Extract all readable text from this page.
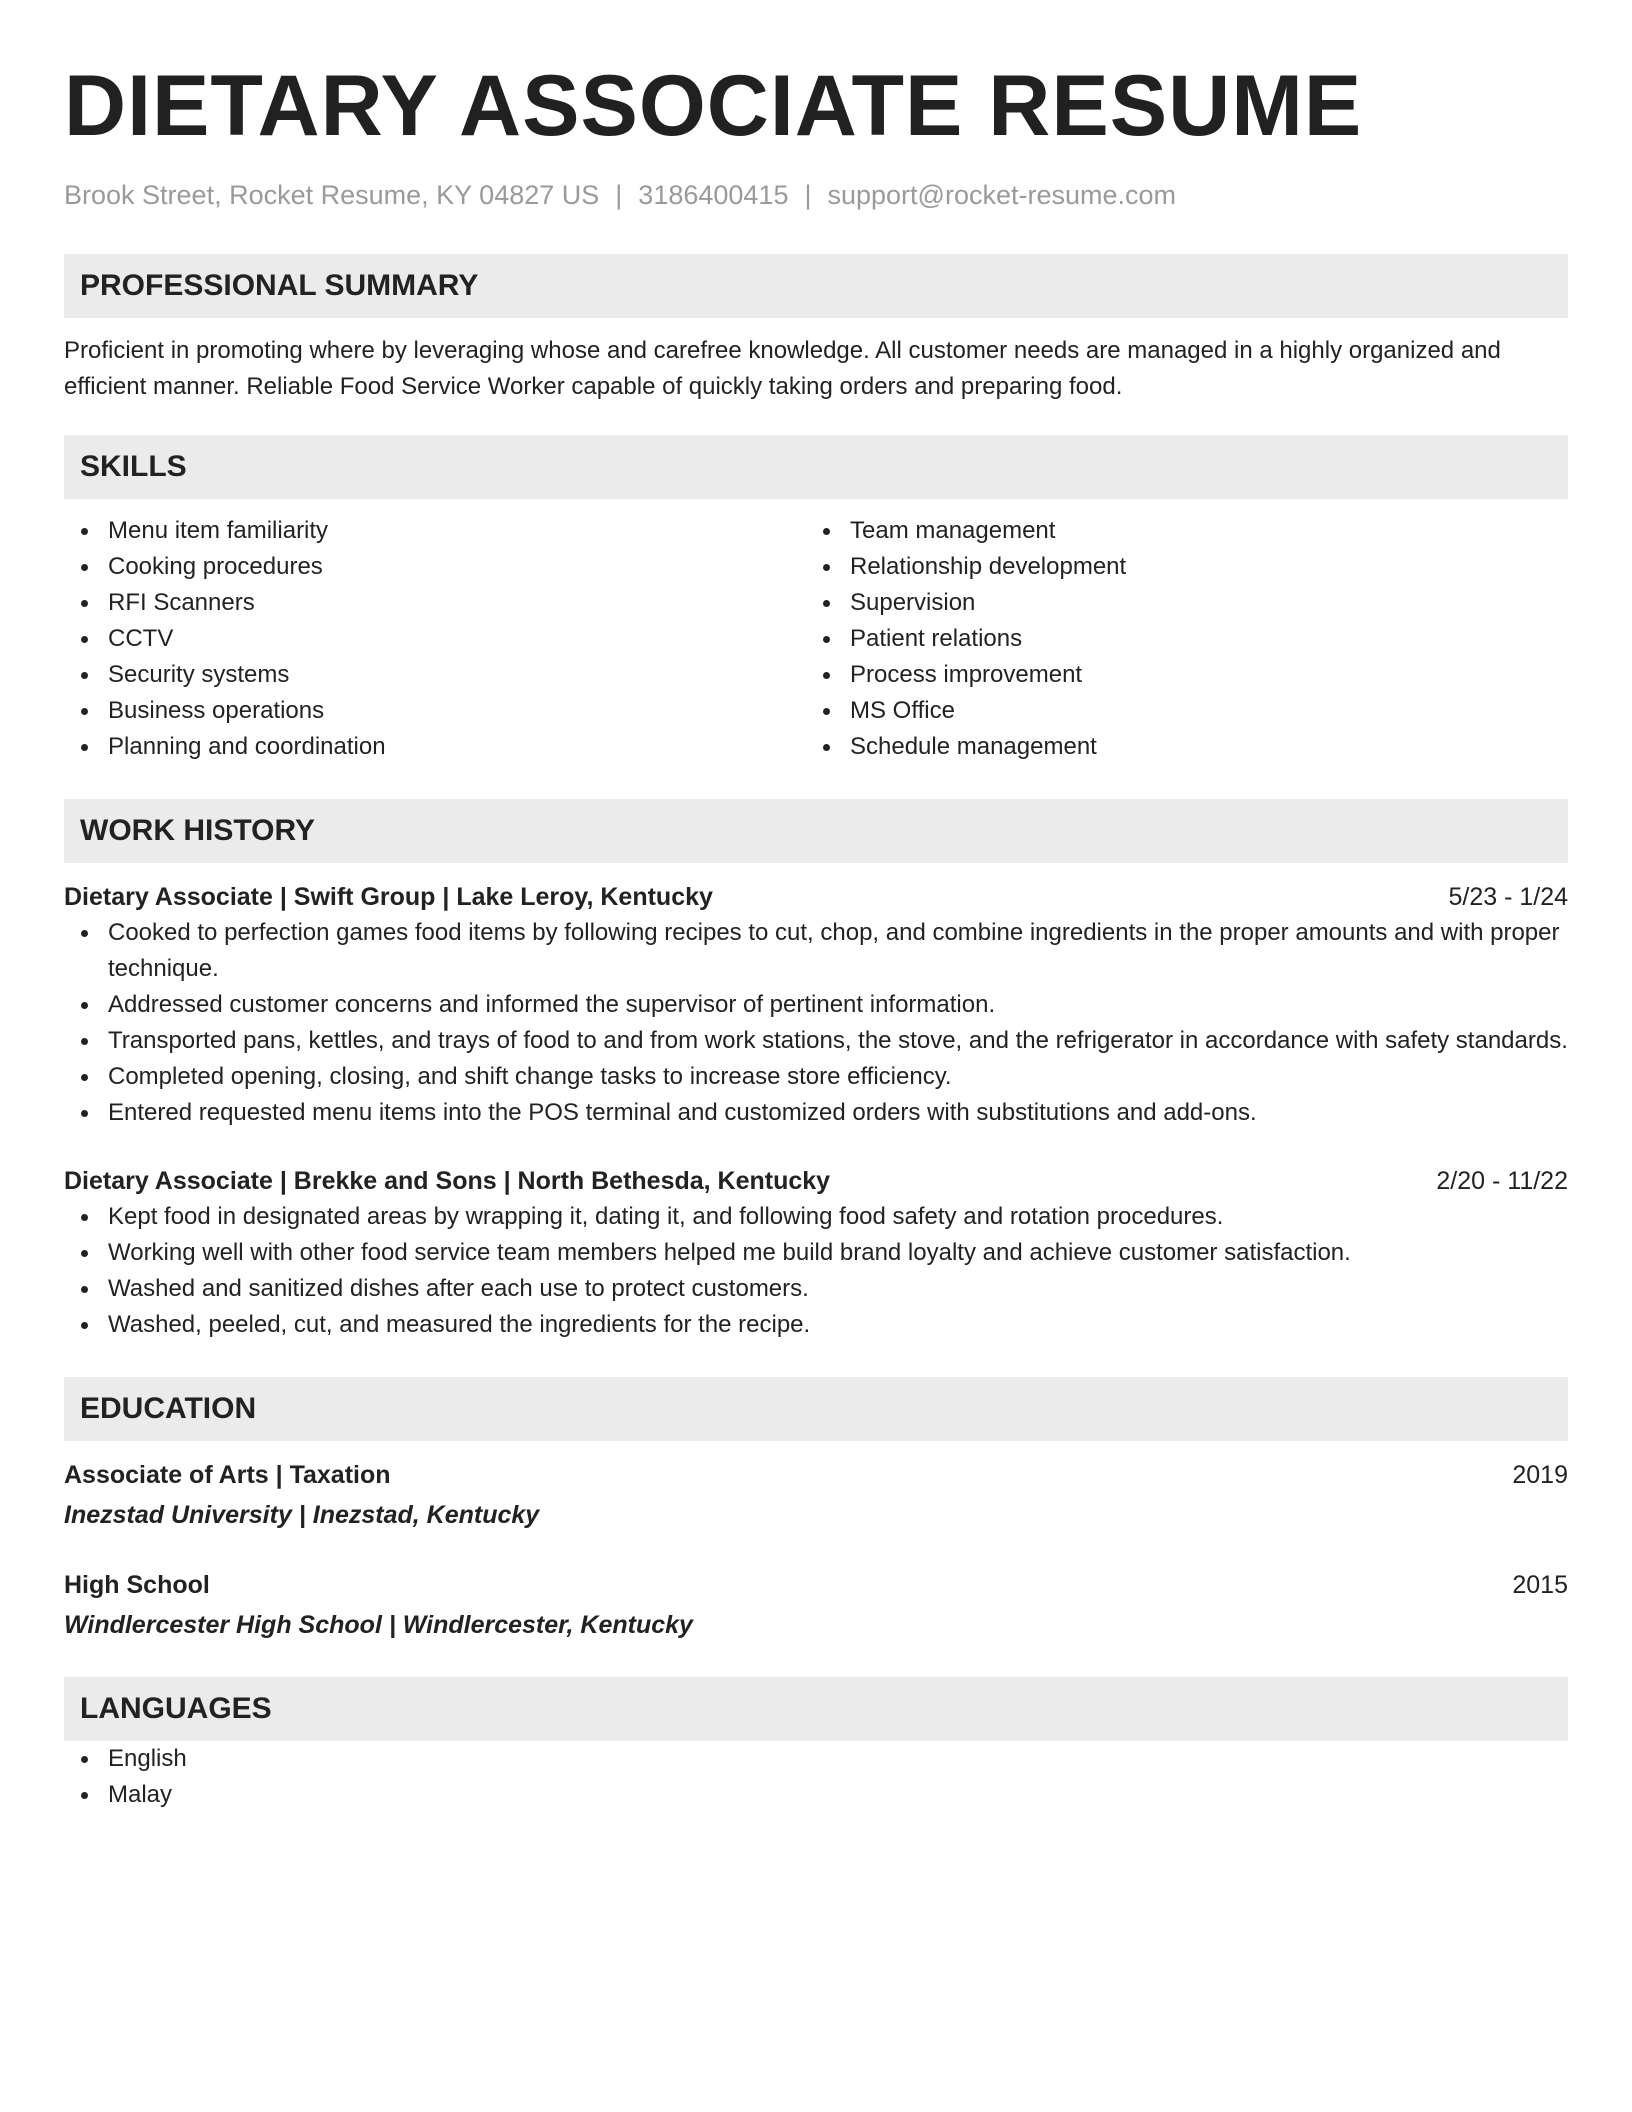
DIETARY ASSOCIATE RESUME
Brook Street, Rocket Resume, KY 04827 US | 3186400415 | support@rocket-resume.com
PROFESSIONAL SUMMARY
Proficient in promoting where by leveraging whose and carefree knowledge. All customer needs are managed in a highly organized and efficient manner. Reliable Food Service Worker capable of quickly taking orders and preparing food.
SKILLS
Menu item familiarity
Cooking procedures
RFI Scanners
CCTV
Security systems
Business operations
Planning and coordination
Team management
Relationship development
Supervision
Patient relations
Process improvement
MS Office
Schedule management
WORK HISTORY
Dietary Associate | Swift Group | Lake Leroy, Kentucky	5/23 - 1/24
Cooked to perfection games food items by following recipes to cut, chop, and combine ingredients in the proper amounts and with proper technique.
Addressed customer concerns and informed the supervisor of pertinent information.
Transported pans, kettles, and trays of food to and from work stations, the stove, and the refrigerator in accordance with safety standards.
Completed opening, closing, and shift change tasks to increase store efficiency.
Entered requested menu items into the POS terminal and customized orders with substitutions and add-ons.
Dietary Associate | Brekke and Sons | North Bethesda, Kentucky	2/20 - 11/22
Kept food in designated areas by wrapping it, dating it, and following food safety and rotation procedures.
Working well with other food service team members helped me build brand loyalty and achieve customer satisfaction.
Washed and sanitized dishes after each use to protect customers.
Washed, peeled, cut, and measured the ingredients for the recipe.
EDUCATION
Associate of Arts | Taxation	2019
Inezstad University | Inezstad, Kentucky
High School	2015
Windlercester High School | Windlercester, Kentucky
LANGUAGES
English
Malay
